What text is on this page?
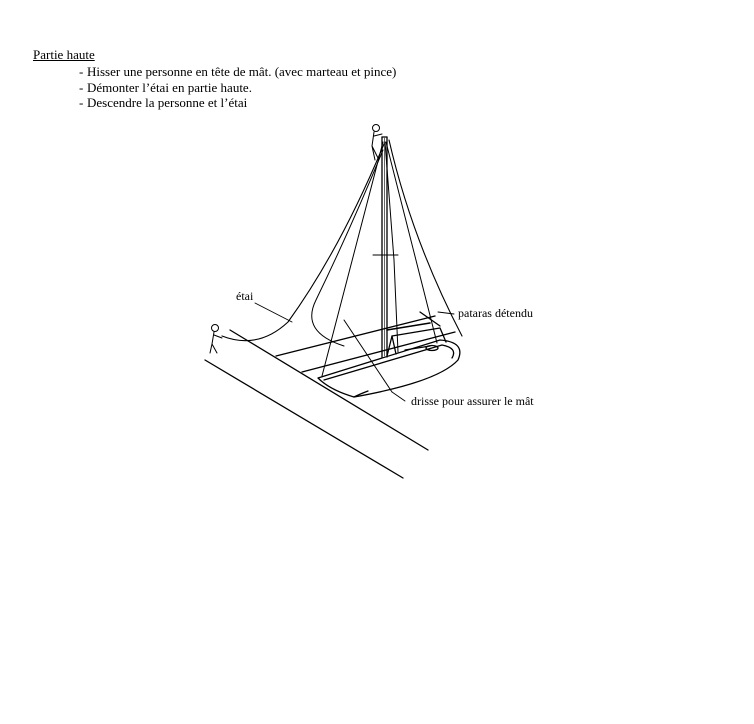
Partie haute
- Hisser une personne en tête de mât. (avec marteau et pince)
- Démonter l’étai en partie haute.
- Descendre la personne et l’étai
étai
pataras détendu
drisse pour assurer le mât
